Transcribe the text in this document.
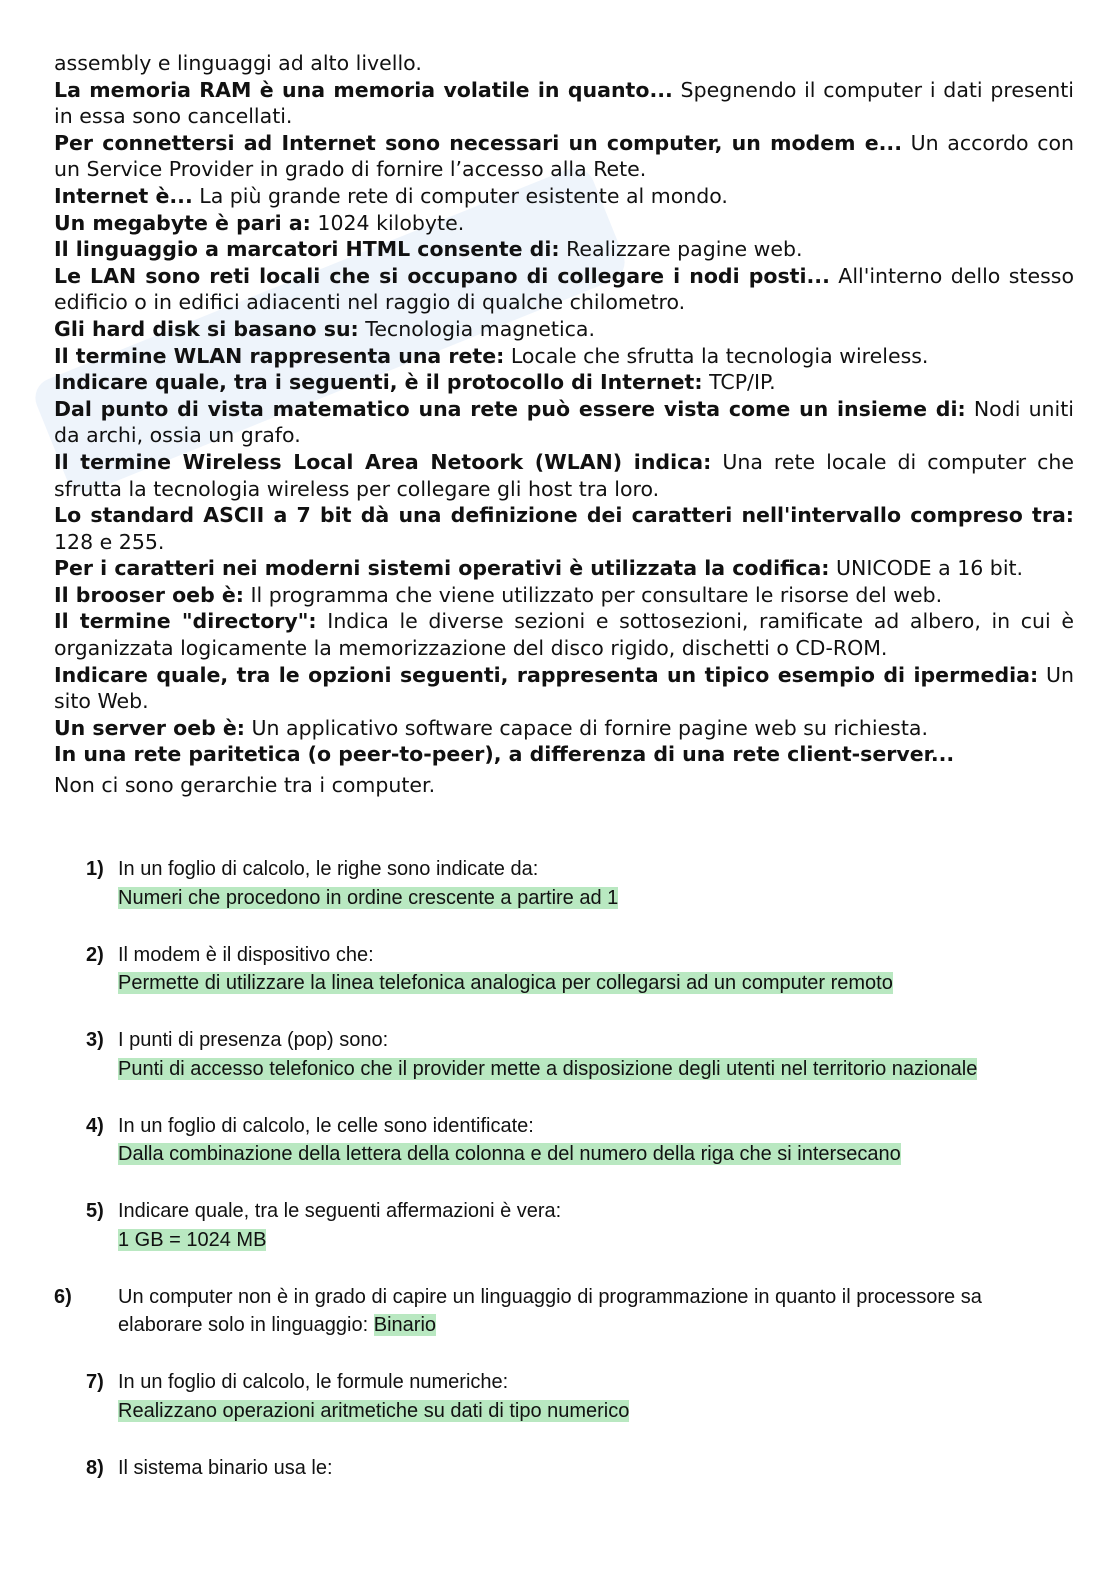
assembly e linguaggi ad alto livello.

La memoria RAM è una memoria volatile in quanto... Spegnendo il computer i dati presenti in essa sono cancellati.

Per connettersi ad Internet sono necessari un computer, un modem e... Un accordo con un Service Provider in grado di fornire l’accesso alla Rete.

Internet è... La più grande rete di computer esistente al mondo.

Un megabyte è pari a: 1024 kilobyte.

Il linguaggio a marcatori HTML consente di: Realizzare pagine web.

Le LAN sono reti locali che si occupano di collegare i nodi posti... All'interno dello stesso edificio o in edifici adiacenti nel raggio di qualche chilometro.

Gli hard disk si basano su: Tecnologia magnetica.

Il termine WLAN rappresenta una rete: Locale che sfrutta la tecnologia wireless.

Indicare quale, tra i seguenti, è il protocollo di Internet: TCP/IP.

Dal punto di vista matematico una rete può essere vista come un insieme di: Nodi uniti da archi, ossia un grafo.

Il termine Wireless Local Area Netoork (WLAN) indica: Una rete locale di computer che sfrutta la tecnologia wireless per collegare gli host tra loro.

Lo standard ASCII a 7 bit dà una definizione dei caratteri nell'intervallo compreso tra: 128 e 255.

Per i caratteri nei moderni sistemi operativi è utilizzata la codifica: UNICODE a 16 bit.

Il brooser oeb è: Il programma che viene utilizzato per consultare le risorse del web.

Il termine "directory": Indica le diverse sezioni e sottosezioni, ramificate ad albero, in cui è organizzata logicamente la memorizzazione del disco rigido, dischetti o CD-ROM.

Indicare quale, tra le opzioni seguenti, rappresenta un tipico esempio di ipermedia: Un sito Web.

Un server oeb è: Un applicativo software capace di fornire pagine web su richiesta.

In una rete paritetica (o peer-to-peer), a differenza di una rete client-server...

Non ci sono gerarchie tra i computer.

1) In un foglio di calcolo, le righe sono indicate da:
Numeri che procedono in ordine crescente a partire ad 1
2) Il modem è il dispositivo che:
Permette di utilizzare la linea telefonica analogica per collegarsi ad un computer remoto
3) I punti di presenza (pop) sono:
Punti di accesso telefonico che il provider mette a disposizione degli utenti nel territorio nazionale
4) In un foglio di calcolo, le celle sono identificate:
Dalla combinazione della lettera della colonna e del numero della riga che si intersecano
5) Indicare quale, tra le seguenti affermazioni è vera:
1 GB = 1024 MB
6) Un computer non è in grado di capire un linguaggio di programmazione in quanto il processore sa elaborare solo in linguaggio: Binario
7) In un foglio di calcolo, le formule numeriche:
Realizzano operazioni aritmetiche su dati di tipo numerico
8) Il sistema binario usa le:
